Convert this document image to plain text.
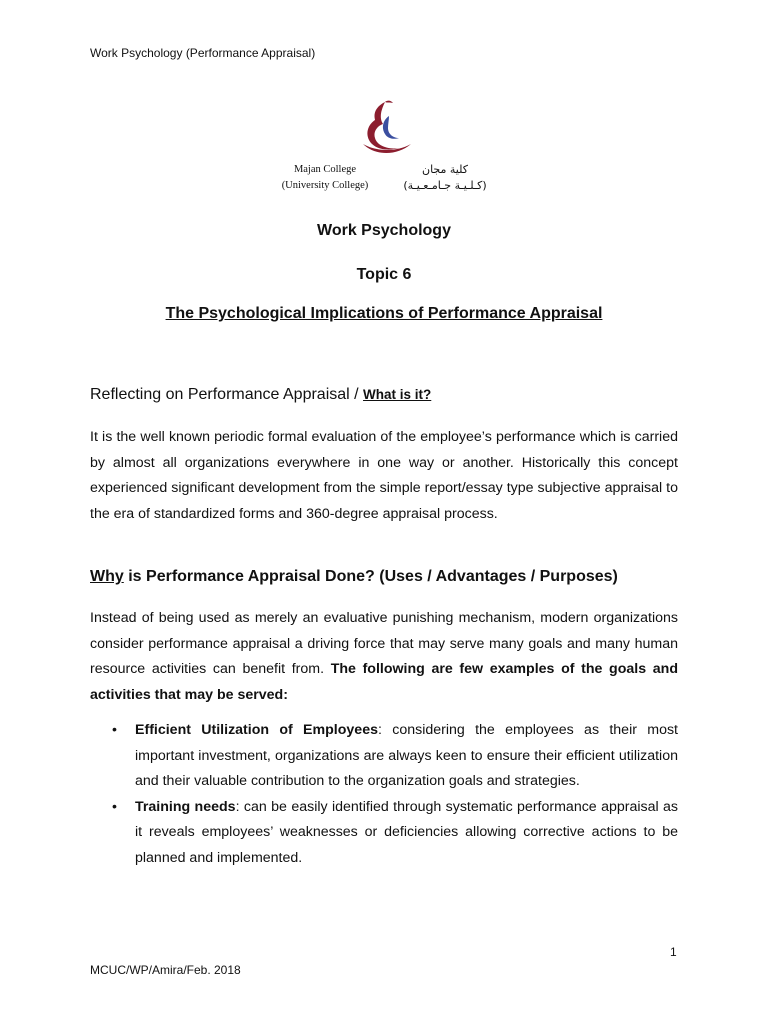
Work Psychology (Performance Appraisal)
Majan College
(University College)
كلية مجان
(كـلـيـة جـامـعـيـة)
Work Psychology
Topic 6
The Psychological Implications of Performance Appraisal
Reflecting on Performance Appraisal / What is it?
It is the well known periodic formal evaluation of the employee’s performance which is carried by almost all organizations everywhere in one way or another. Historically this concept experienced significant development from the simple report/essay type subjective appraisal to the era of standardized forms and 360-degree appraisal process.
Why is Performance Appraisal Done? (Uses / Advantages / Purposes)
Instead of being used as merely an evaluative punishing mechanism, modern organizations consider performance appraisal a driving force that may serve many goals and many human resource activities can benefit from. The following are few examples of the goals and activities that may be served:
• Efficient Utilization of Employees: considering the employees as their most important investment, organizations are always keen to ensure their efficient utilization and their valuable contribution to the organization goals and strategies.
• Training needs: can be easily identified through systematic performance appraisal as it reveals employees’ weaknesses or deficiencies allowing corrective actions to be planned and implemented.
1
MCUC/WP/Amira/Feb. 2018
